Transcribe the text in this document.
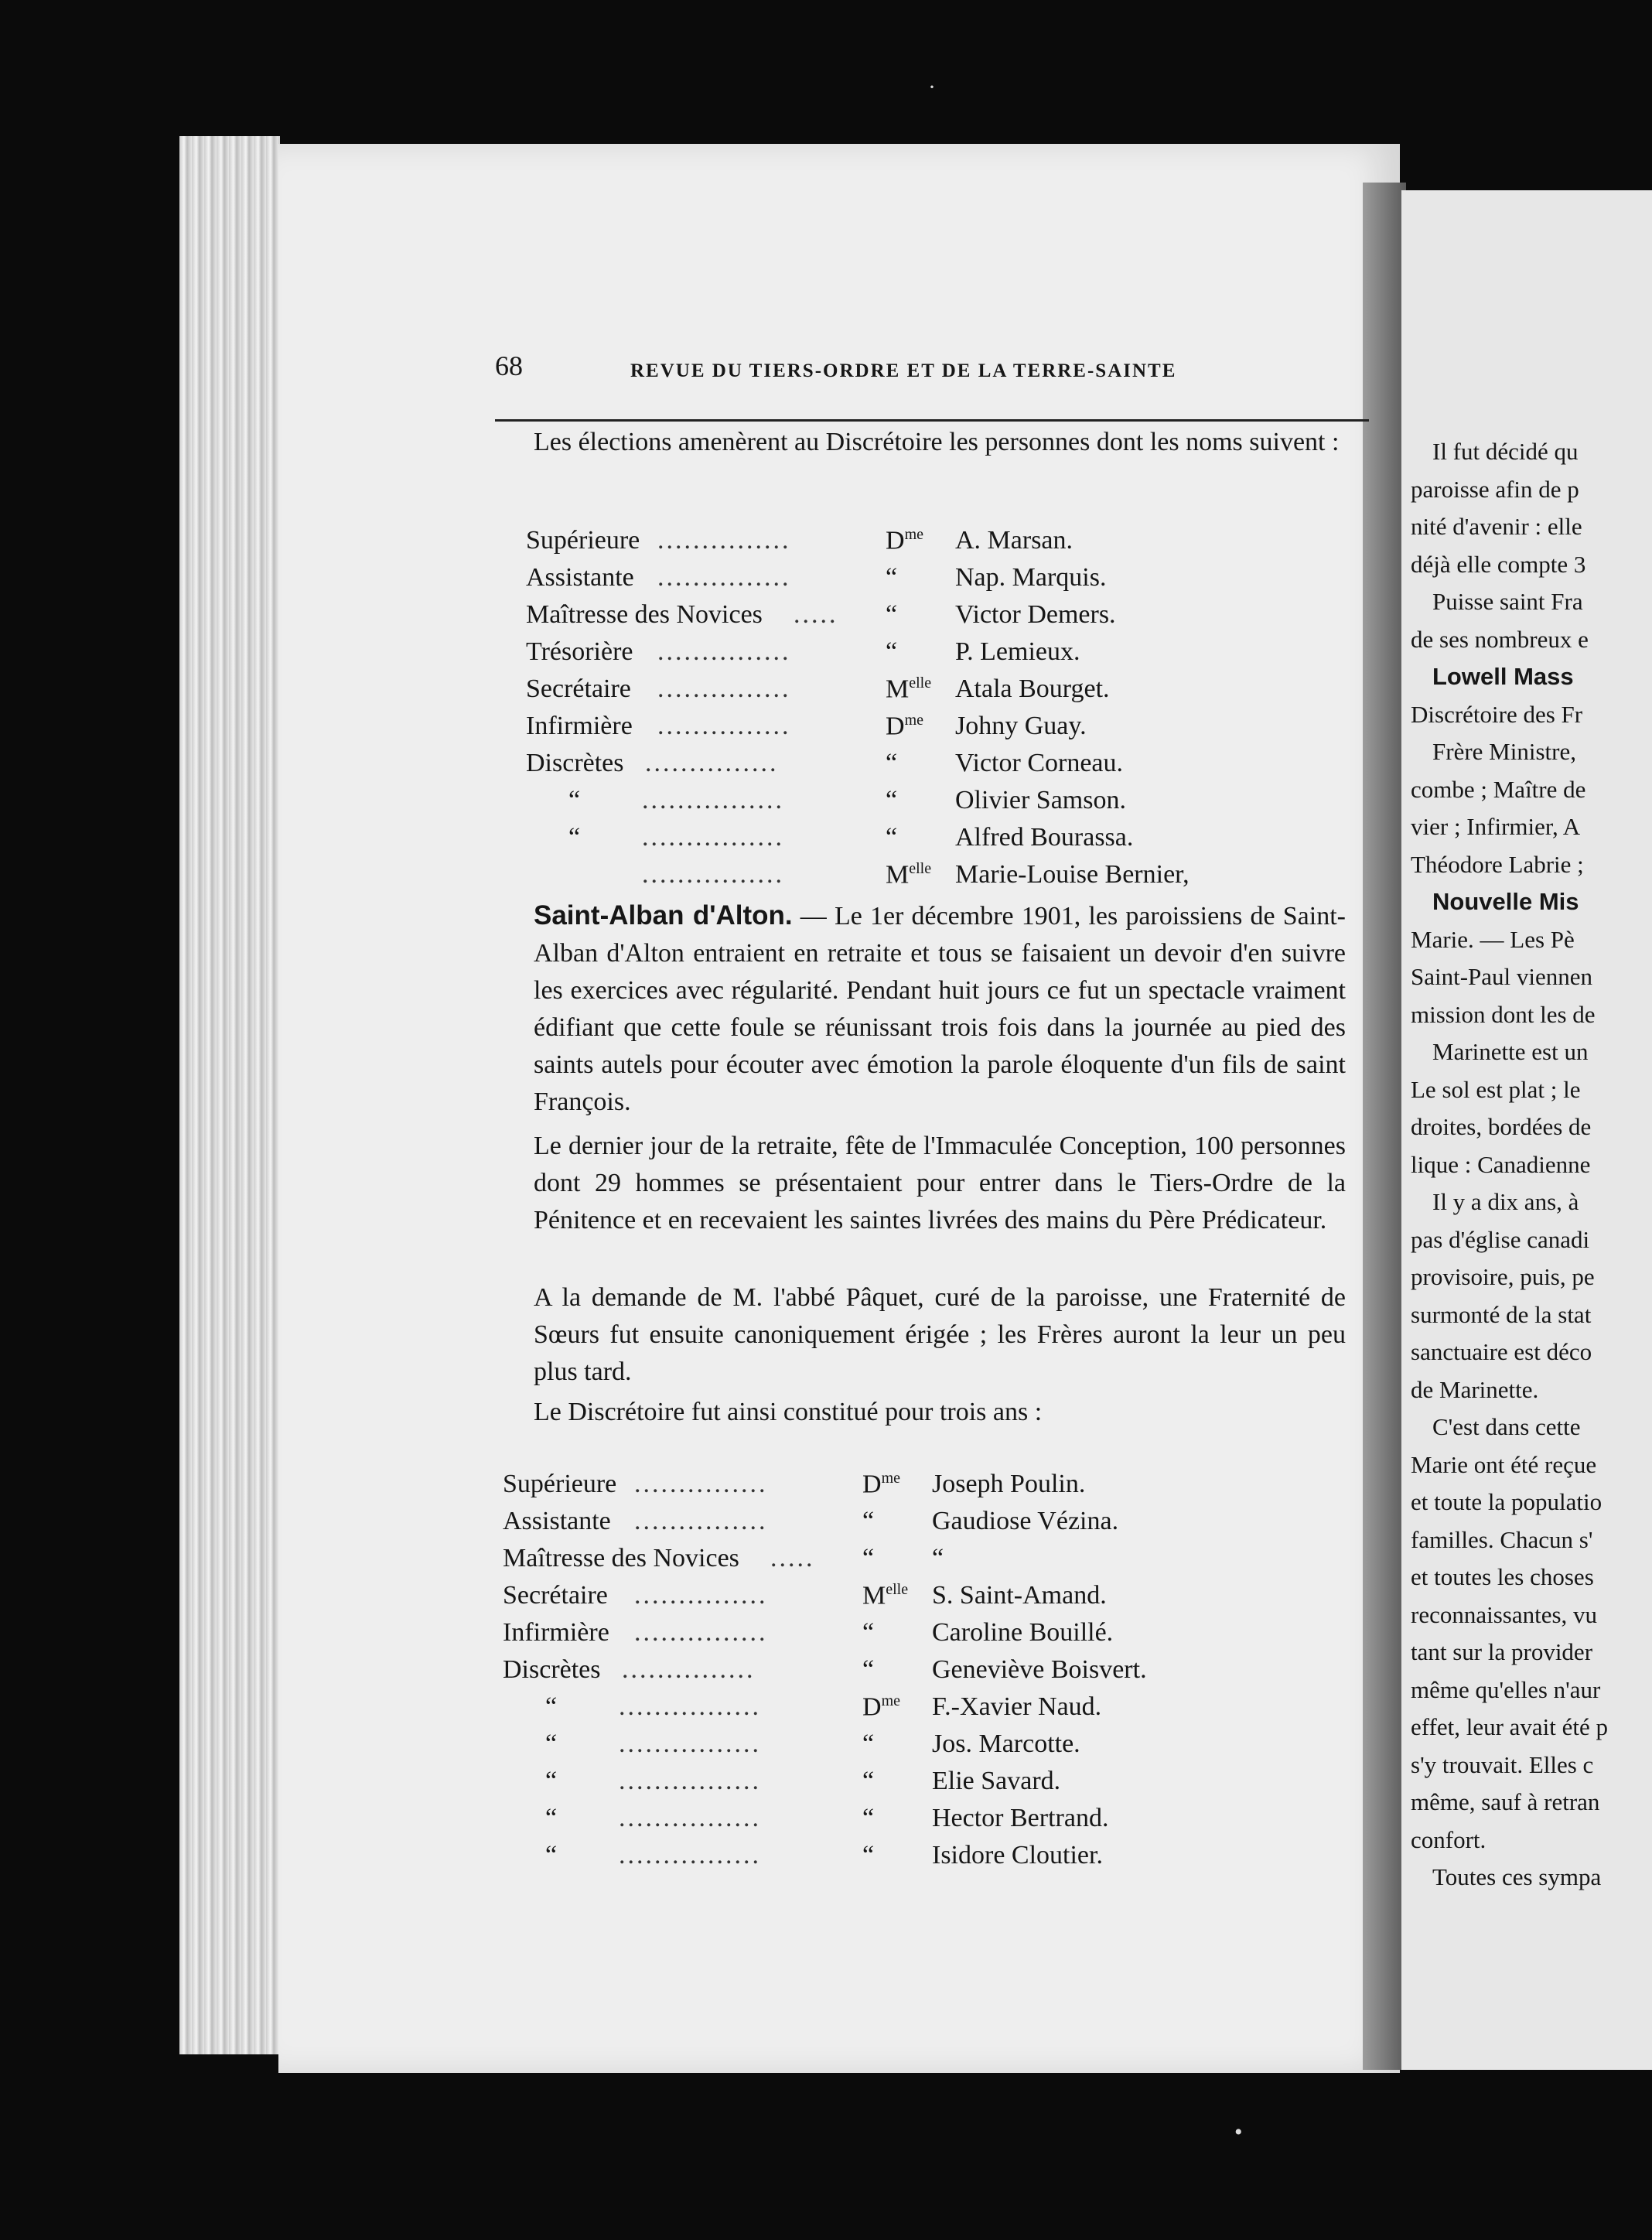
Il fut décidé qu
paroisse afin de p
nité d'avenir : elle
déjà elle compte 3
Puisse saint Fra
de ses nombreux e
Lowell Mass
Discrétoire des Fr
Frère Ministre,
combe ; Maître de
vier ; Infirmier, A
Théodore Labrie ;
Nouvelle Mis
Marie. — Les Pè
Saint-Paul viennen
mission dont les de
Marinette est un
Le sol est plat ; le
droites, bordées de
lique : Canadienne
Il y a dix ans, à
pas d'église canadi
provisoire, puis, pe
surmonté de la stat
sanctuaire est déco
de Marinette.
C'est dans cette
Marie ont été reçue
et toute la populatio
familles. Chacun s'
et toutes les choses
reconnaissantes, vu
tant sur la provider
même qu'elles n'aur
effet, leur avait été p
s'y trouvait. Elles c
même, sauf à retran
confort.
Toutes ces sympa
68	REVUE DU TIERS-ORDRE ET DE LA TERRE-SAINTE
Les élections amenèrent au Discrétoire les personnes dont les noms suivent :
Supérieure ...............	$D^{me}$ A. Marsan.
Assistante ...............	“ Nap. Marquis.
Maîtresse des Novices ..... “ Victor Demers.
Trésorière ...............	“ P. Lemieux.
Secrétaire ...............	$M^{elle}$ Atala Bourget.
Infirmière ...............	$D^{me}$ Johny Guay.
Discrètes ...............	“ Victor Corneau.
“ ................	“ Olivier Samson.
“ ................	“ Alfred Bourassa.
................	$M^{elle}$ Marie-Louise Bernier,
Saint-Alban d'Alton. — Le 1er décembre 1901, les paroissiens de Saint-Alban d'Alton entraient en retraite et tous se faisaient un devoir d'en suivre les exercices avec régularité. Pendant huit jours ce fut un spectacle vraiment édifiant que cette foule se réunissant trois fois dans la journée au pied des saints autels pour écouter avec émotion la parole éloquente d'un fils de saint François.
Le dernier jour de la retraite, fête de l'Immaculée Conception, 100 personnes dont 29 hommes se présentaient pour entrer dans le Tiers-Ordre de la Pénitence et en recevaient les saintes livrées des mains du Père Prédicateur.
A la demande de M. l'abbé Pâquet, curé de la paroisse, une Fraternité de Sœurs fut ensuite canoniquement érigée ; les Frères auront la leur un peu plus tard.
Le Discrétoire fut ainsi constitué pour trois ans :
Supérieure ...............	$D^{me}$ Joseph Poulin.
Assistante ...............	“ Gaudiose Vézina.
Maîtresse des Novices ..... “ “
Secrétaire ...............	$M^{elle}$ S. Saint-Amand.
Infirmière ...............	“ Caroline Bouillé.
Discrètes ...............	“ Geneviève Boisvert.
“ ................	$D^{me}$ F.-Xavier Naud.
“ ................	“ Jos. Marcotte.
“ ................	“ Elie Savard.
“ ................	“ Hector Bertrand.
“ ................	“ Isidore Cloutier.
·
•
